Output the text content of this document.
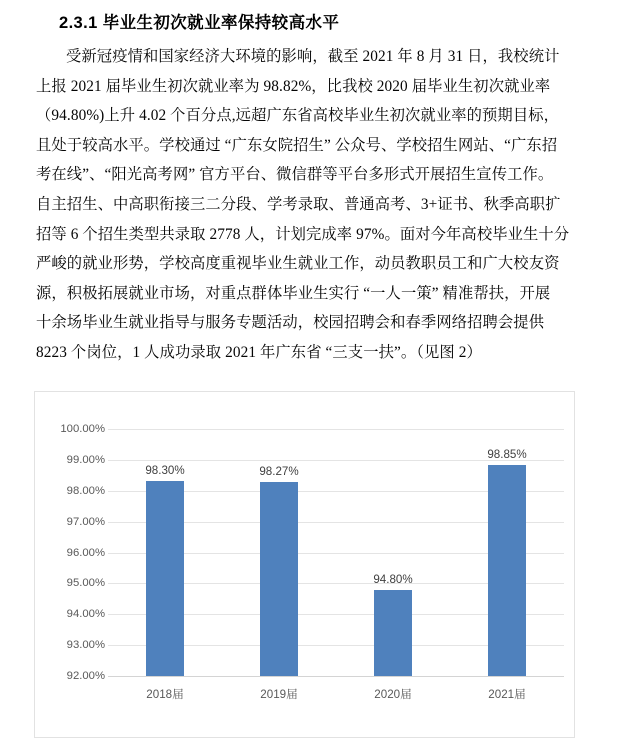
2.3.1 毕业生初次就业率保持较高水平
受新冠疫情和国家经济大环境的影响，截至 2021 年 8 月 31 日，我校统计
上报 2021 届毕业生初次就业率为 98.82%，比我校 2020 届毕业生初次就业率
（94.80%)上升 4.02 个百分点,远超广东省高校毕业生初次就业率的预期目标，
且处于较高水平。学校通过 “广东女院招生” 公众号、学校招生网站、“广东招
考在线”、“阳光高考网” 官方平台、微信群等平台多形式开展招生宣传工作。
自主招生、中高职衔接三二分段、学考录取、普通高考、3+证书、秋季高职扩
招等 6 个招生类型共录取 2778 人，计划完成率 97%。面对今年高校毕业生十分
严峻的就业形势，学校高度重视毕业生就业工作，动员教职员工和广大校友资
源，积极拓展就业市场，对重点群体毕业生实行 “一人一策” 精准帮扶，开展
十余场毕业生就业指导与服务专题活动，校园招聘会和春季网络招聘会提供
8223 个岗位，1 人成功录取 2021 年广东省 “三支一扶”。（见图 2）
100.00%
99.00%
98.00%
97.00%
96.00%
95.00%
94.00%
93.00%
92.00%
98.30%
2018届
98.27%
2019届
94.80%
2020届
98.85%
2021届
